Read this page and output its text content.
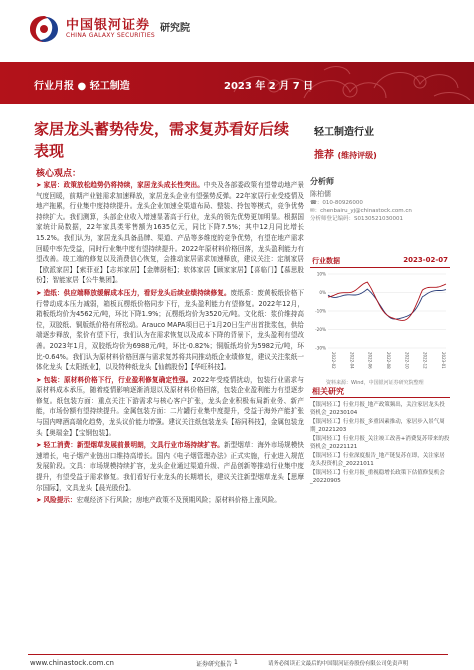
中国银河证券
CHINA GALAXY SECURITIES
研究院
行业月报 ● 轻工制造	2023 年 2 月 7 日
家居龙头蓄势待发，需求复苏看好后续表现
核心观点：

➤ 家居：政策放松趋势仍将持续，家居龙头成长性突出。中央及各部委政策有望带动地产景气度回暖，前期产业链需求加速释放，家居龙头企业有望强势反弹。22年家居行业受疫情及地产拖累，行业集中度持续提升。龙头企业加速全渠道布局、整装、拎包等模式，竞争优势持续扩大。我们测算，头部企业收入增速显著高于行业，龙头的领先优势更加明显。根据国家统计局数据，22年家具类零售额为1635亿元，同比下降7.5%；其中12月同比增长15.2%。我们认为，家居龙头具备品牌、渠道、产品等多维度的竞争优势，有望在地产需求回暖中率先受益，同时行业集中度有望持续提升。2022年原材料价格回落，龙头盈利能力有望改善。竣工端的修复以及消费信心恢复，会推动家居需求加速释放，建议关注：定制家居【欧派家居】【索菲亚】【志邦家居】【金牌厨柜】；软体家居【顾家家居】【喜临门】【慕思股份】；智能家居【公牛集团】。

➤ 造纸：供应端释放缓解成本压力，看好龙头后续业绩持续修复。废纸系：废黄板纸价格下行带动成本压力减弱，箱板瓦楞纸价格同步下行，龙头盈利能力有望修复。2022年12月，箱板纸均价为4562元/吨，环比下降1.9%；瓦楞纸均价为3520元/吨。文化纸：浆价维持高位，双胶纸、铜版纸价格有所松动。Arauco MAPA项目已于1月20日生产出首批浆包，供给端逐步释放，浆价有望下行，我们认为在需求恢复以及成本下降的背景下，龙头盈利有望改善。2023年1月，双胶纸均价为6988元/吨，环比-0.82%；铜版纸均价为5982元/吨，环比-0.64%。我们认为原材料价格回落与需求复苏将共同推动纸企业绩修复，建议关注浆纸一体化龙头【太阳纸业】，以及特种纸龙头【仙鹤股份】【华旺科技】。

➤ 包装：原材料价格下行，行业盈利修复确定性强。2022年受疫情扰动，包装行业需求与原材料成本承压，随着疫情影响逐渐消退以及原材料价格回落，包装企业盈利能力有望逐步修复。纸包装方面：重点关注下游需求与核心客户扩张，龙头企业积极布局新业务、新产能，市场份额有望持续提升。金属包装方面：二片罐行业集中度提升，受益于海外产能扩张与国内啤酒高端化趋势，龙头议价能力增强。建议关注纸包装龙头【裕同科技】，金属包装龙头【奥瑞金】【宝钢包装】。

➤ 轻工消费：新型烟草发展前景明朗，文具行业市场持续扩容。新型烟草：海外市场规模快速增长，电子烟产业链出口维持高增长。国内《电子烟管理办法》正式实施，行业进入规范发展阶段。文具：市场规模持续扩容，龙头企业通过渠道升级、产品创新等推动行业集中度提升，有望受益于需求修复。我们看好行业龙头的长期增长，建议关注新型烟草龙头【思摩尔国际】，文具龙头【晨光股份】。

➤ 风险提示：宏观经济下行风险；房地产政策不及预期风险；原材料价格上涨风险。

轻工制造行业
推荐 (维持评级)
分析师
陈柏儒
☎：010-80926000
✉：chenbairu_yj@chinastock.com.cn
分析师登记编码：S0130521030001
行业数据	2023-02-07
10%
0%
-10%
-20%
-30%
2022-02	2022-04	2022-06	2022-08	2022-10	2022-12	2023-01
资料来源：Wind，中国银河证券研究院整理
相关研究
【银河轻工】行业月报_地产政策频出，关注家居龙头投资机会_20230104
【银河轻工】行业月报_多重因素推动，家居步入景气周期_20221203
【银河轻工】行业月报_关注竣工改善+消费复苏带来的投资机会_20221121
【银河轻工】行业深度报告_地产链复苏在即，关注家居龙头投资机会_20221011
【银河轻工】行业月报_重视稳增长政策下估值修复机会_20220905
www.chinastock.com.cn	证券研究报告 1	请务必阅读正文最后的中国银河证券股份有限公司免责声明
